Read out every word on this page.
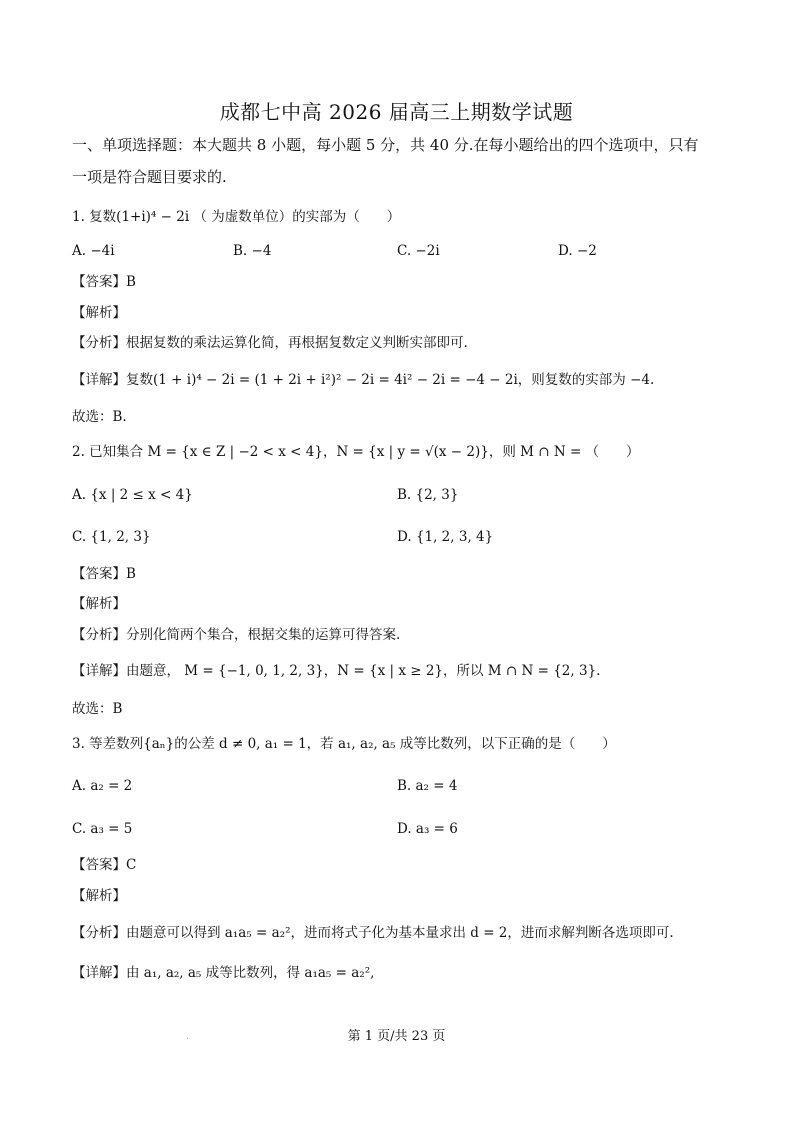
成都七中高 2026 届高三上期数学试题
一、单项选择题：本大题共 8 小题，每小题 5 分，共 40 分.在每小题给出的四个选项中，只有
一项是符合题目要求的.
1. 复数(1+i)⁴ − 2i （ 为虚数单位）的实部为（　　）
A. −4i	B. −4	C. −2i	D. −2
【答案】B
【解析】
【分析】根据复数的乘法运算化简，再根据复数定义判断实部即可.
【详解】复数(1 + i)⁴ − 2i = (1 + 2i + i²)² − 2i = 4i² − 2i = −4 − 2i，则复数的实部为 −4.
故选：B.
2. 已知集合 M = {x ∈ Z | −2 < x < 4}，N = {x | y = √(x − 2)}，则 M ∩ N = （　　）
A. {x | 2 ≤ x < 4}	B. {2, 3}
C. {1, 2, 3}	D. {1, 2, 3, 4}
【答案】B
【解析】
【分析】分别化简两个集合，根据交集的运算可得答案.
【详解】由题意， M = {−1, 0, 1, 2, 3}，N = {x | x ≥ 2}，所以 M ∩ N = {2, 3}.
故选：B
3. 等差数列{aₙ}的公差 d ≠ 0, a₁ = 1，若 a₁, a₂, a₅ 成等比数列，以下正确的是（　　）
A. a₂ = 2	B. a₂ = 4
C. a₃ = 5	D. a₃ = 6
【答案】C
【解析】
【分析】由题意可以得到 a₁a₅ = a₂²，进而将式子化为基本量求出 d = 2，进而求解判断各选项即可.
【详解】由 a₁, a₂, a₅ 成等比数列，得 a₁a₅ = a₂²,
.	第 1 页/共 23 页
